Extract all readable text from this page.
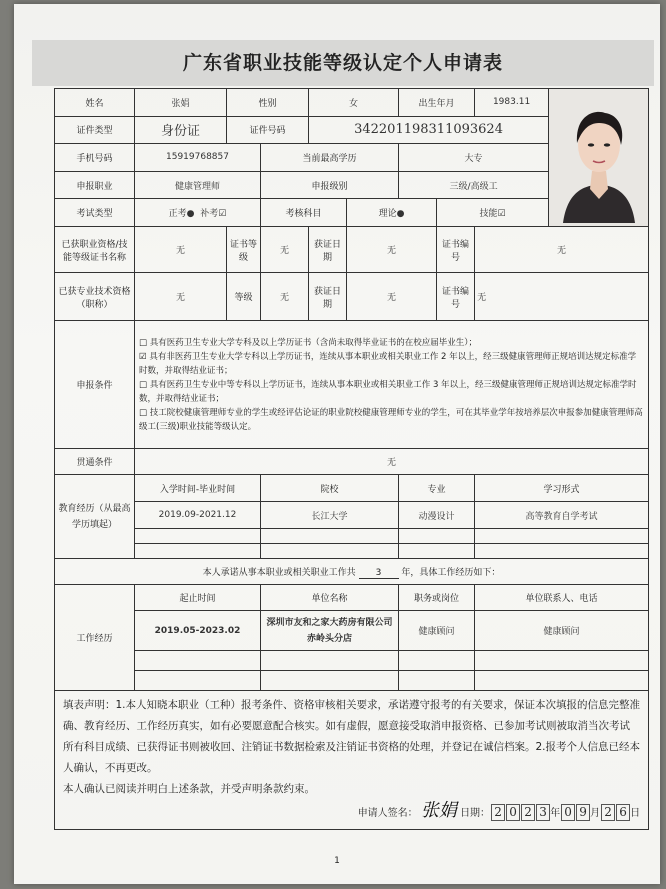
广东省职业技能等级认定个人申请表
姓名	张娟	性别		女		出生年月		1983.11	
证件类型	身份证	证件号码		342201198311093624					
手机号码	15919768857		当前最高学历			大专			
申报职业	健康管理师		申报级别			三级/高级工			
考试类型	正考● 补考☑		考核科目		理论●		技能☑		
已获职业资格/技能等级证书名称	无	证书等级	无	获证日期	无		证书编号	无	
已获专业技术资格（职称）	无	等级	无	获证日期	无		证书编号	无	
申报条件	□ 具有医药卫生专业大学专科及以上学历证书（含尚未取得毕业证书的在校应届毕业生）；
☑ 具有非医药卫生专业大学专科以上学历证书，连续从事本职业或相关职业工作 2 年以上，经三级健康管理师正规培训达规定标准学时数，并取得结业证书；
□ 具有医药卫生专业中等专科以上学历证书，连续从事本职业或相关职业工作 3 年以上，经三级健康管理师正规培训达规定标准学时数，并取得结业证书；
□ 技工院校健康管理师专业的学生或经评估论证的职业院校健康管理师专业的学生，可在其毕业学年按培养层次申报参加健康管理师高级工(三级)职业技能等级认定。								

贯通条件	无								
教育经历（从最高学历填起）	入学时间-毕业时间		院校			专业		学习形式	
	2019.09-2021.12		长江大学			动漫设计		高等教育自学考试	

本人承诺从事本职业或相关职业工作共 3 年，具体工作经历如下：									
工作经历	起止时间		单位名称			职务或岗位		单位联系人、电话	
	2019.05-2023.02		深圳市友和之家大药房有限公司赤岭头分店			健康顾问		健康顾问	

填表声明：1.本人知晓本职业（工种）报考条件、资格审核相关要求，承诺遵守报考的有关要求，保证本次填报的信息完整准确、教育经历、工作经历真实，如有必要愿意配合核实。如有虚假，愿意接受取消申报资格、已参加考试则被取消当次考试所有科目成绩、已获得证书则被收回、注销证书数据检索及注销证书资格的处理，并登记在诚信档案。2.报考个人信息已经本人确认，不再更改。
本人确认已阅读并明白上述条款，并受声明条款约束。
申请人签名： 张娟 日期： 2 0 2 3 年 0 9 月 2 6 日									
1
